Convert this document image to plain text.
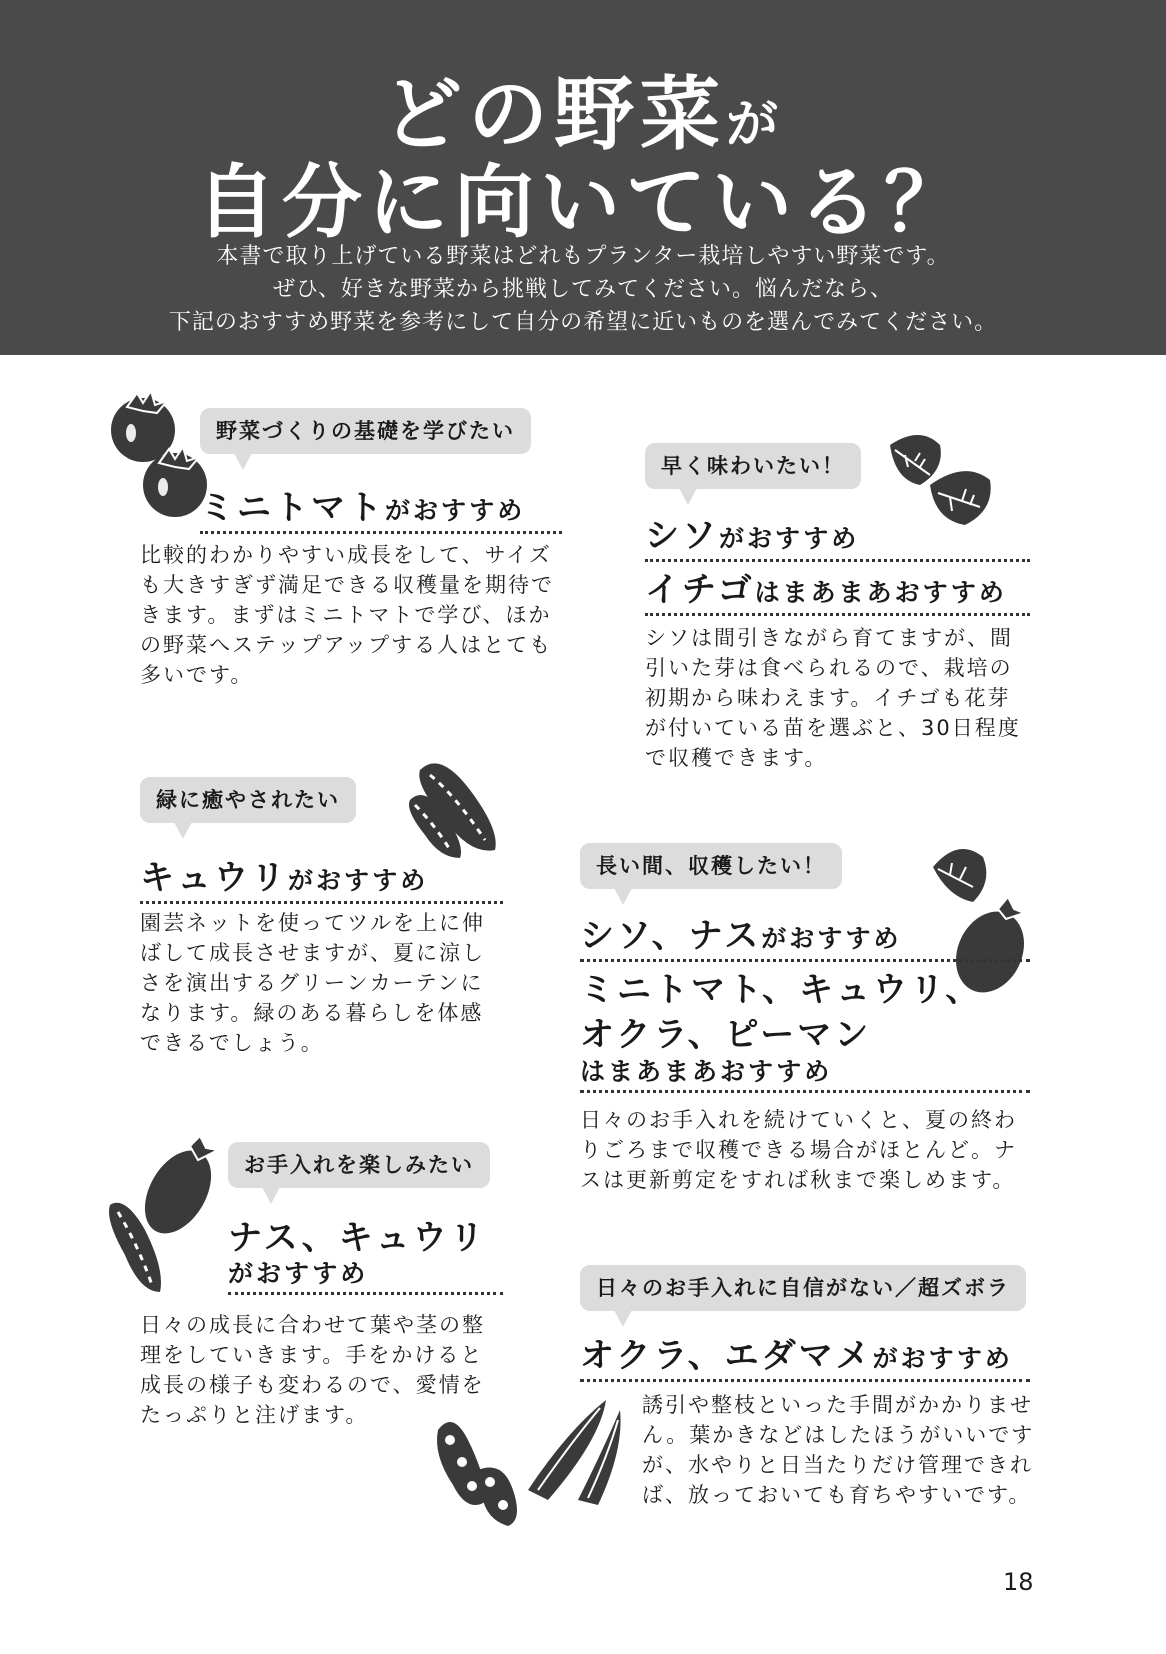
どの野菜が
自分に向いている？
本書で取り上げている野菜はどれもプランター栽培しやすい野菜です。
ぜひ、好きな野菜から挑戦してみてください。悩んだなら、
下記のおすすめ野菜を参考にして自分の希望に近いものを選んでみてください。
野菜づくりの基礎を学びたい
ミニトマトがおすすめ
比較的わかりやすい成長をして、サイズ
も大きすぎず満足できる収穫量を期待で
きます。まずはミニトマトで学び、ほか
の野菜へステップアップする人はとても
多いです。
早く味わいたい！
シソがおすすめ
イチゴはまあまあおすすめ
シソは間引きながら育てますが、間
引いた芽は食べられるので、栽培の
初期から味わえます。イチゴも花芽
が付いている苗を選ぶと、30日程度
で収穫できます。
緑に癒やされたい
キュウリがおすすめ
園芸ネットを使ってツルを上に伸
ばして成長させますが、夏に涼し
さを演出するグリーンカーテンに
なります。緑のある暮らしを体感
できるでしょう。
長い間、収穫したい！
シソ、ナスがおすすめ
ミニトマト、キュウリ、
オクラ、ピーマン
はまあまあおすすめ
日々のお手入れを続けていくと、夏の終わ
りごろまで収穫できる場合がほとんど。ナ
スは更新剪定をすれば秋まで楽しめます。
お手入れを楽しみたい
ナス、キュウリ
がおすすめ
日々の成長に合わせて葉や茎の整
理をしていきます。手をかけると
成長の様子も変わるので、愛情を
たっぷりと注げます。
日々のお手入れに自信がない／超ズボラ
オクラ、エダマメがおすすめ
誘引や整枝といった手間がかかりませ
ん。葉かきなどはしたほうがいいです
が、水やりと日当たりだけ管理できれ
ば、放っておいても育ちやすいです。
18
